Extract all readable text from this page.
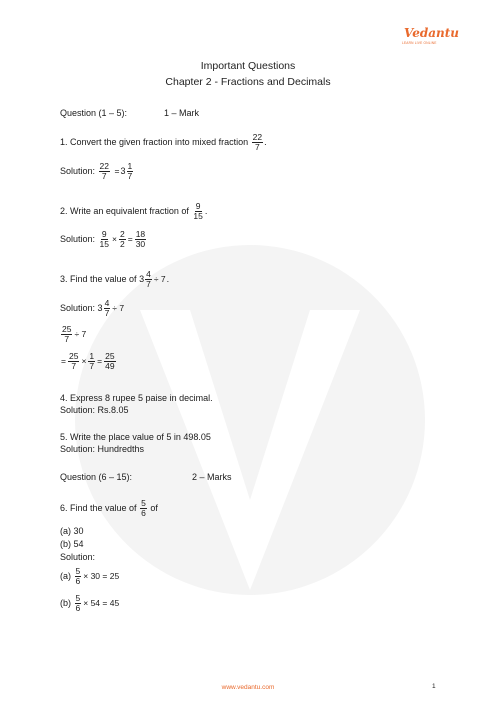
Vedantu
LEARN LIVE ONLINE
Important Questions
Chapter 2 - Fractions and Decimals
Question (1 – 5):	1 – Mark
1. Convert the given fraction into mixed fraction $\frac{22}{7}$ .
Solution: $\frac{22}{7} =3 \frac{1}{7}$
2. Write an equivalent fraction of $\frac{9}{15}$ .
Solution: $\frac{9}{15} \times \frac{2}{2} = \frac{18}{30}$
3. Find the value of $3 \frac{4}{7} \div 7$.
Solution: $3 \frac{4}{7} \div 7$
$\frac{25}{7} \div 7$
= $\frac{25}{7} \times \frac{1}{7} = \frac{25}{49}$
4. Express 8 rupee 5 paise in decimal.
Solution: Rs.8.05
5. Write the place value of 5 in 498.05
Solution: Hundredths
Question (6 – 15):	2 – Marks
6. Find the value of $\frac{5}{6}$ of
(a) 30
(b) 54
Solution:
$(a) \frac{5}{6} \times 30 = 25$
$(b) \frac{5}{6} \times 54 = 45$
www.vedantu.com	1
